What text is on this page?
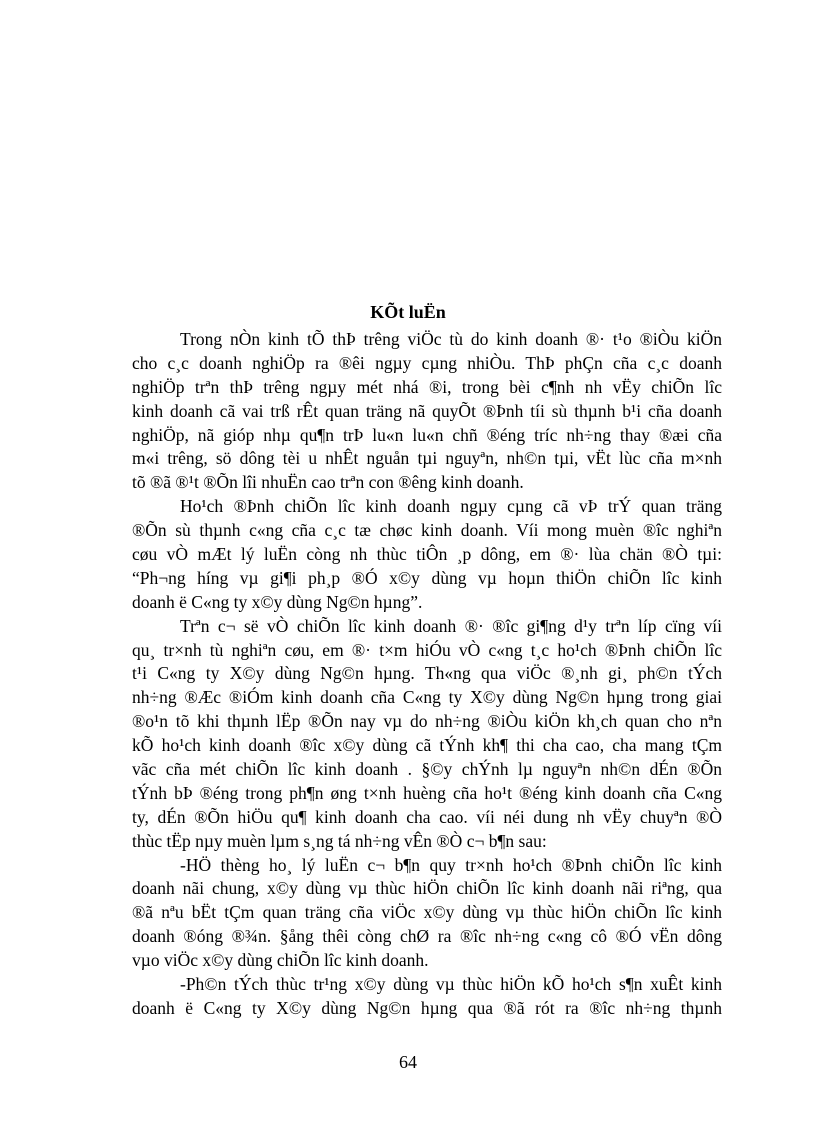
KÕt luËn
Trong nÒn kinh tÕ thÞ trêng viÖc tù do kinh doanh ®· t¹o ®iÒu kiÖn
cho c¸c doanh nghiÖp ra ®êi ngµy cµng nhiÒu. ThÞ phÇn cña c¸c doanh
nghiÖp trªn thÞ trêng ngµy mét nhá ®i, trong bèi c¶nh nh vËy chiÕn lîc
kinh doanh cã vai trß rÊt quan träng nã quyÕt ®Þnh tíi sù thµnh b¹i cña doanh
nghiÖp, nã gióp nhµ qu¶n trÞ lu«n lu«n chñ ®éng tríc nh÷ng thay ®æi cña
m«i trêng, sö dông tèi u nhÊt nguån tµi nguyªn, nh©n tµi, vËt lùc cña m×nh
tõ ®ã ®¹t ®Õn lîi nhuËn cao trªn con ®êng kinh doanh.
Ho¹ch ®Þnh chiÕn lîc kinh doanh ngµy cµng cã vÞ trÝ quan träng
®Õn sù thµnh c«ng cña c¸c tæ chøc kinh doanh. Víi mong muèn ®îc nghiªn
cøu vÒ mÆt lý luËn còng nh thùc tiÔn ¸p dông, em ®· lùa chän ®Ò tµi:
“Ph¬ng híng vµ gi¶i ph¸p ®Ó x©y dùng vµ hoµn thiÖn chiÕn lîc kinh
doanh ë C«ng ty x©y dùng Ng©n hµng”.
Trªn c¬ së vÒ chiÕn lîc kinh doanh ®· ®îc gi¶ng d¹y trªn líp cïng víi
qu¸ tr×nh tù nghiªn cøu, em ®· t×m hiÓu vÒ c«ng t¸c ho¹ch ®Þnh chiÕn lîc
t¹i C«ng ty X©y dùng Ng©n hµng. Th«ng qua viÖc ®¸nh gi¸ ph©n tÝch
nh÷ng ®Æc ®iÓm kinh doanh cña C«ng ty X©y dùng Ng©n hµng trong giai
®o¹n tõ khi thµnh lËp ®Õn nay vµ do nh÷ng ®iÒu kiÖn kh¸ch quan cho nªn
kÕ ho¹ch kinh doanh ®îc x©y dùng cã tÝnh kh¶ thi cha cao, cha mang tÇm
vãc cña mét chiÕn lîc kinh doanh . §©y chÝnh lµ nguyªn nh©n dÉn ®Õn
tÝnh bÞ ®éng trong ph¶n øng t×nh huèng cña ho¹t ®éng kinh doanh cña C«ng
ty, dÉn ®Õn hiÖu qu¶ kinh doanh cha cao. víi néi dung nh vËy chuyªn ®Ò
thùc tËp nµy muèn lµm s¸ng tá nh÷ng vÊn ®Ò c¬ b¶n sau:
-HÖ thèng ho¸ lý luËn c¬ b¶n quy tr×nh ho¹ch ®Þnh chiÕn lîc kinh
doanh nãi chung, x©y dùng vµ thùc hiÖn chiÕn lîc kinh doanh nãi riªng, qua
®ã nªu bËt tÇm quan träng cña viÖc x©y dùng vµ thùc hiÖn chiÕn lîc kinh
doanh ®óng ®¾n. §ång thêi còng chØ ra ®îc nh÷ng c«ng cô ®Ó vËn dông
vµo viÖc x©y dùng chiÕn lîc kinh doanh.
-Ph©n tÝch thùc tr¹ng x©y dùng vµ thùc hiÖn kÕ ho¹ch s¶n xuÊt kinh
doanh ë C«ng ty X©y dùng Ng©n hµng qua ®ã rót ra ®îc nh÷ng thµnh
64
